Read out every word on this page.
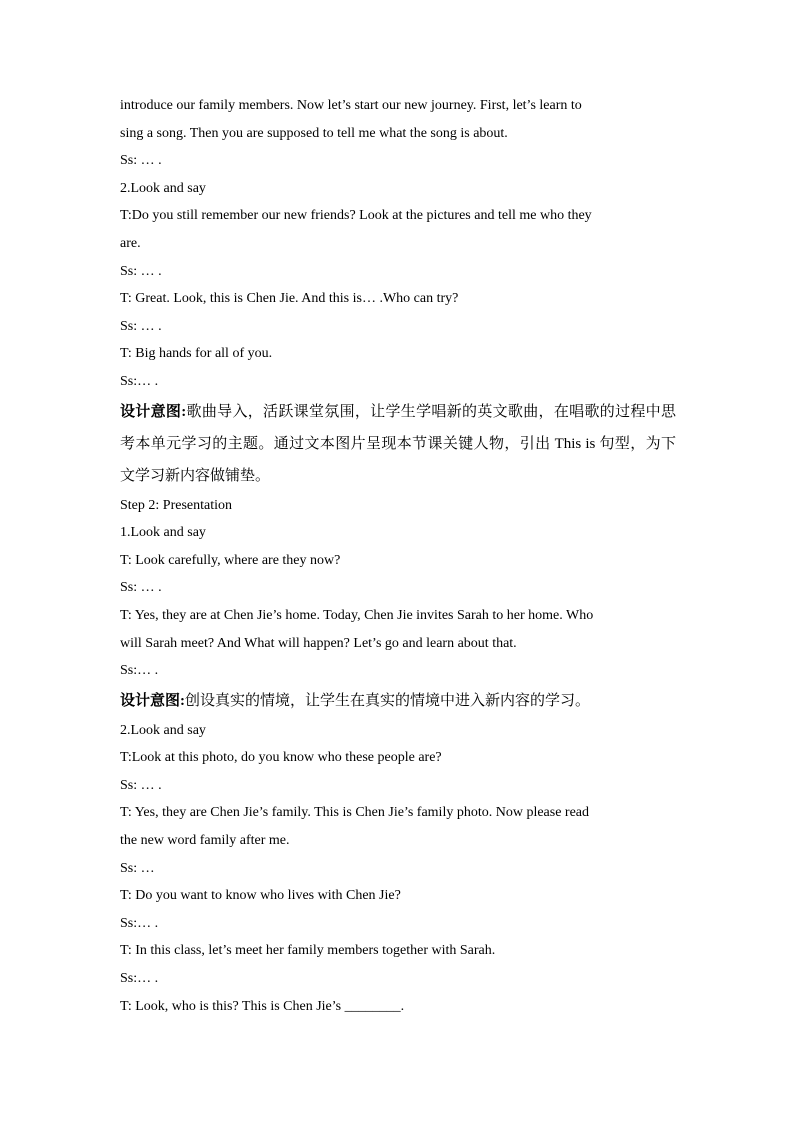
introduce our family members. Now let’s start our new journey. First, let’s learn to

sing a song. Then you are supposed to tell me what the song is about.

Ss: … .

2.Look and say

T:Do you still remember our new friends? Look at the pictures and tell me who they

are.

Ss: … .

T: Great. Look, this is Chen Jie. And this is… .Who can try?

Ss: … .

T: Big hands for all of you.

Ss:… .

设计意图:歌曲导入，活跃课堂氛围，让学生学唱新的英文歌曲，在唱歌的过程中思考本单元学习的主题。通过文本图片呈现本节课关键人物，引出 This is 句型，为下文学习新内容做铺垫。

Step 2: Presentation

1.Look and say

T: Look carefully, where are they now?

Ss: … .

T: Yes, they are at Chen Jie’s home. Today, Chen Jie invites Sarah to her home. Who

will Sarah meet? And What will happen? Let’s go and learn about that.

Ss:… .

设计意图:创设真实的情境，让学生在真实的情境中进入新内容的学习。

2.Look and say

T:Look at this photo, do you know who these people are?

Ss: … .

T: Yes, they are Chen Jie’s family. This is Chen Jie’s family photo. Now please read

the new word family after me.

Ss: …

T: Do you want to know who lives with Chen Jie?

Ss:… .

T: In this class, let’s meet her family members together with Sarah.

Ss:… .

T: Look, who is this? This is Chen Jie’s ________.
